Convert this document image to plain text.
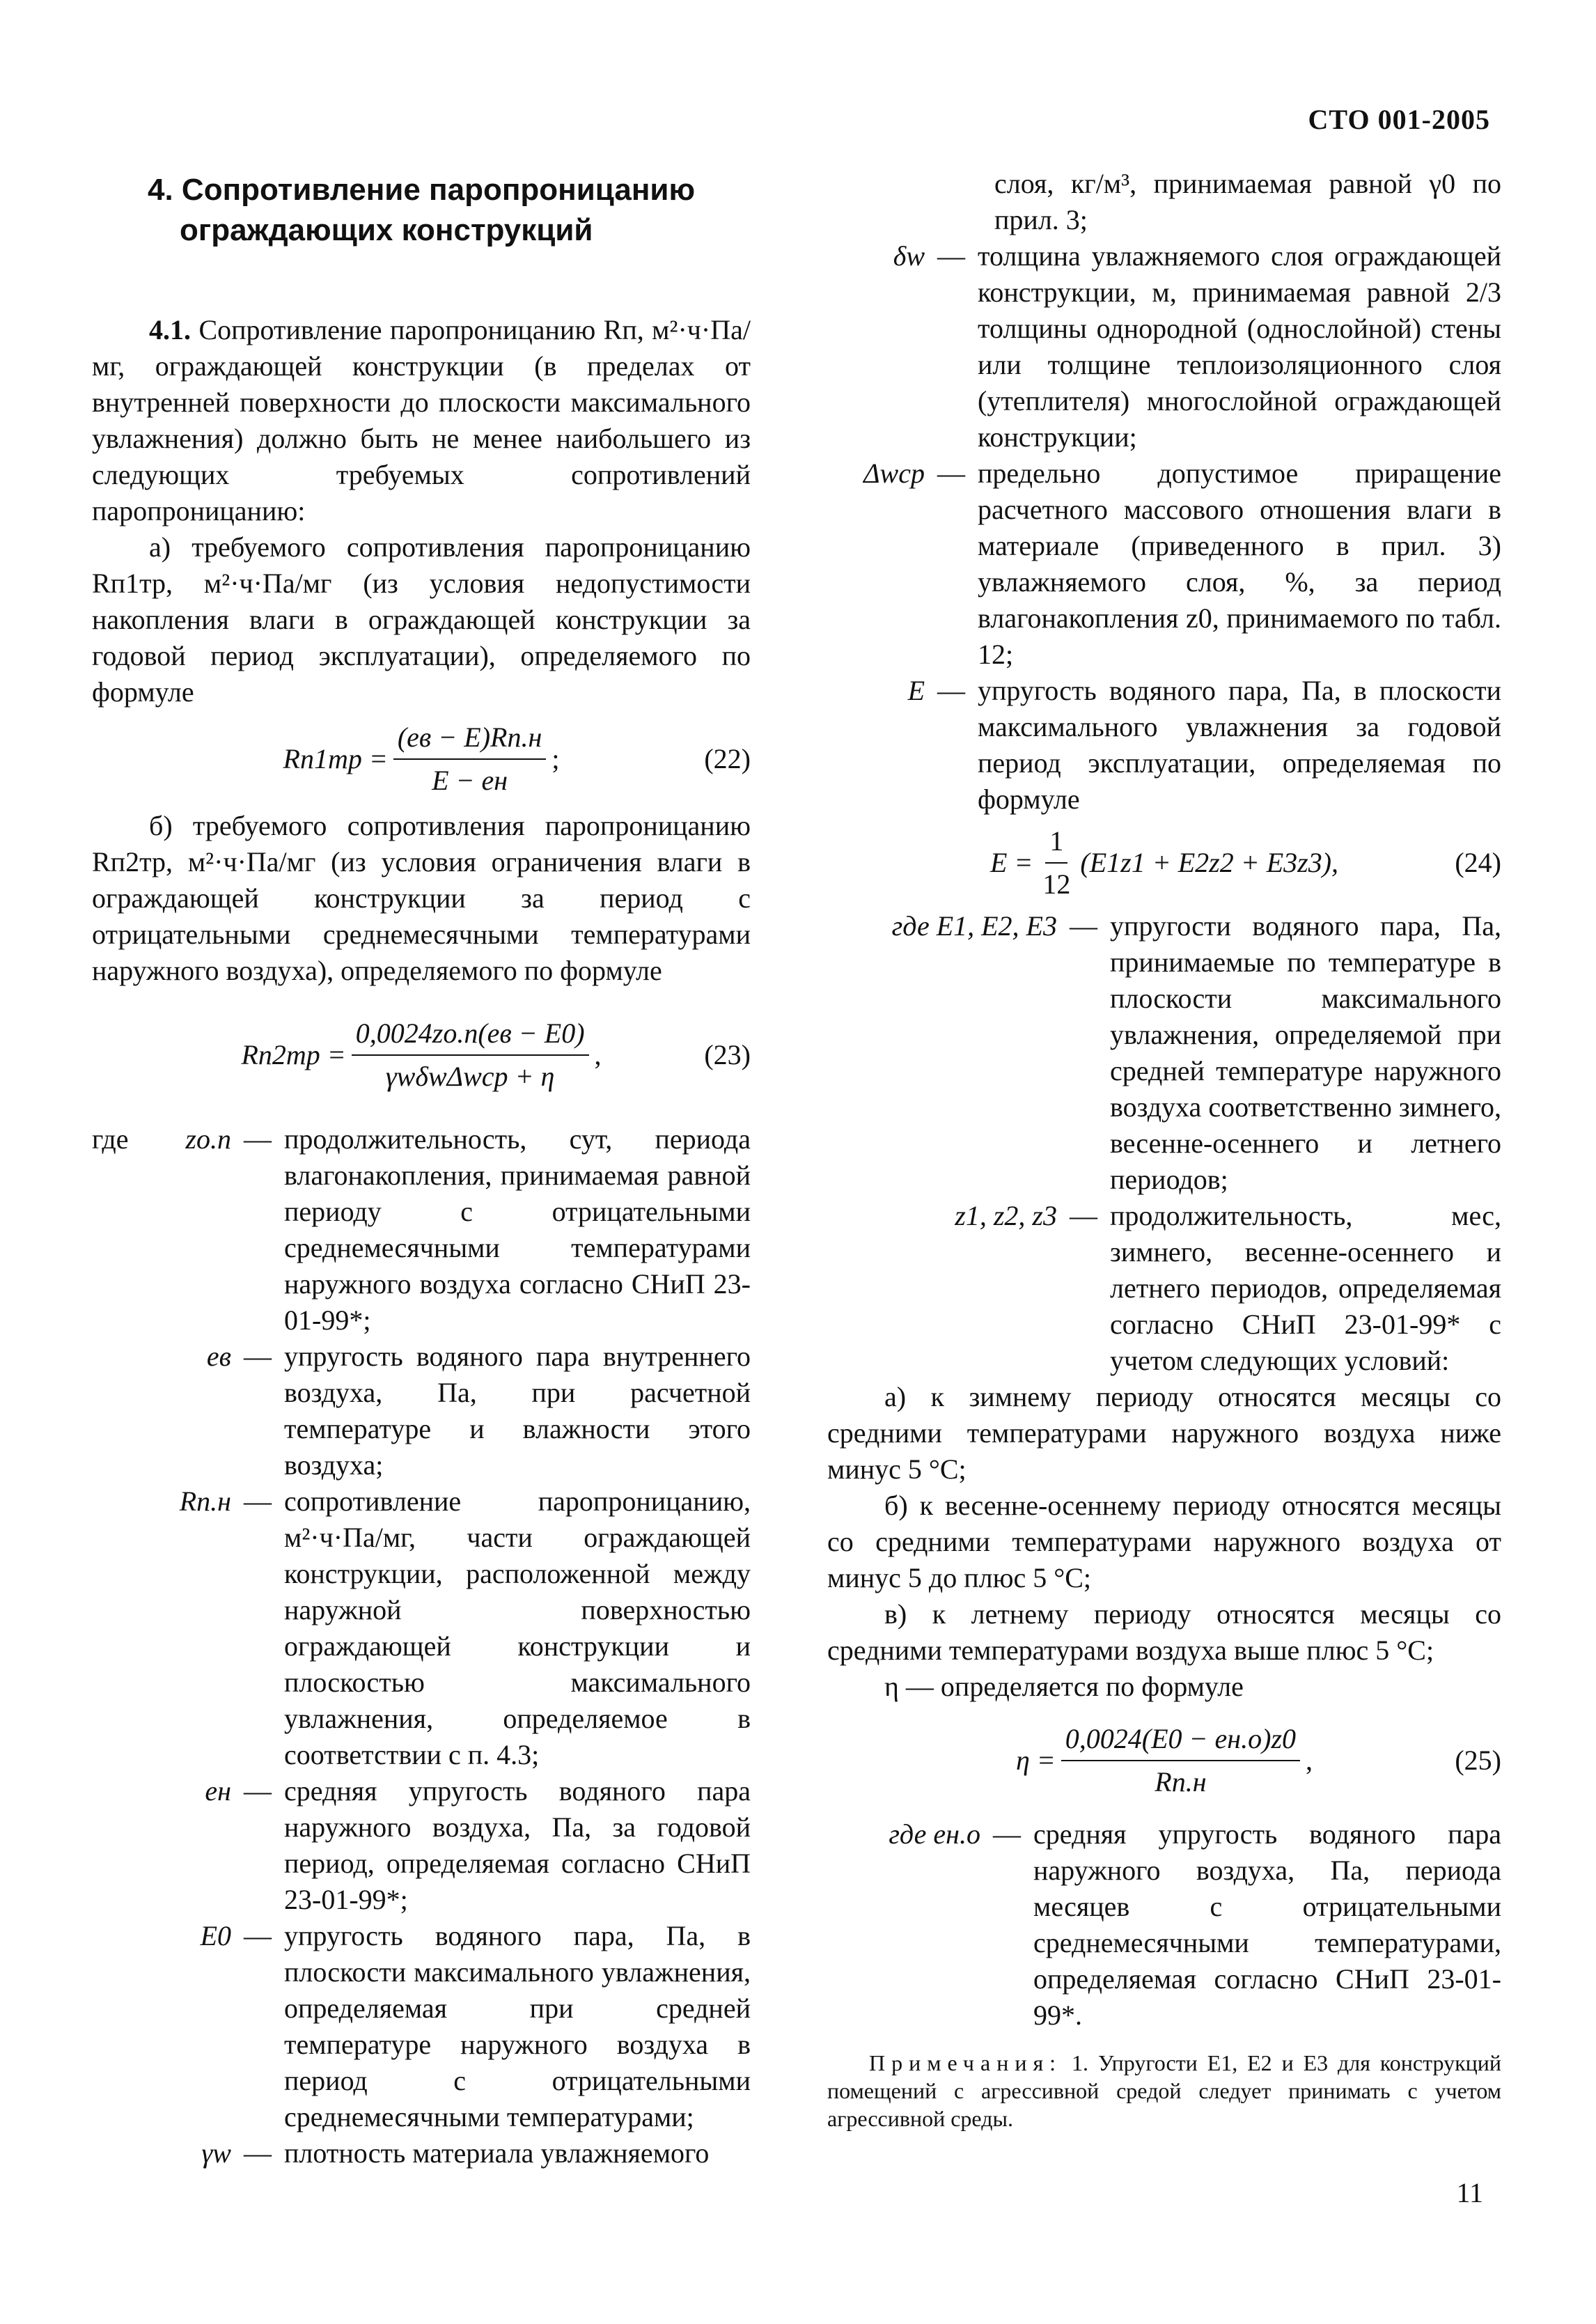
СТО 001-2005
4. Сопротивление паропроницанию
ограждающих конструкций

4.1. Сопротивление паропроницанию Rп, м²·ч·Па/мг, ограждающей конструкции (в пределах от внутренней поверхности до плоскости максимального увлажнения) должно быть не менее наибольшего из следующих требуемых сопротивлений паропроницанию:

а) требуемого сопротивления паропроницанию Rп1тр, м²·ч·Па/мг (из условия недопустимости накопления влаги в ограждающей конструкции за годовой период эксплуатации), определяемого по формуле

$Rп1тр = \frac{(eв - E)Rп.н}{E - eн}$ ;	(22)

б) требуемого сопротивления паропроницанию Rп2тр, м²·ч·Па/мг (из условия ограничения влаги в ограждающей конструкции за период с отрицательными среднемесячными температурами наружного воздуха), определяемого по формуле

$Rп2тр = \frac{0,0024zо.п(eв - E0)}{\text{γwδwΔwср + η}}$ ,	(23)
где zо.п — продолжительность, сут, периода влагонакопления, принимаемая равной периоду с отрицательными среднемесячными температурами наружного воздуха согласно СНиП 23-01-99*;
eв — упругость водяного пара внутреннего воздуха, Па, при расчетной температуре и влажности этого воздуха;
Rп.н — сопротивление паропроницанию, м²·ч·Па/мг, части ограждающей конструкции, расположенной между наружной поверхностью ограждающей конструкции и плоскостью максимального увлажнения, определяемое в соответствии с п. 4.3;
eн — средняя упругость водяного пара наружного воздуха, Па, за годовой период, определяемая согласно СНиП 23-01-99*;
E0 — упругость водяного пара, Па, в плоскости максимального увлажнения, определяемая при средней температуре наружного воздуха в период с отрицательными среднемесячными температурами;
γw — плотность материала увлажняемого

слоя, кг/м³, принимаемая равной γ0 по прил. 3;

δw — толщина увлажняемого слоя ограждающей конструкции, м, принимаемая равной 2/3 толщины однородной (однослойной) стены или толщине теплоизоляционного слоя (утеплителя) многослойной ограждающей конструкции;
Δwср — предельно допустимое приращение расчетного массового отношения влаги в материале (приведенного в прил. 3) увлажняемого слоя, %, за период влагонакопления z0, принимаемого по табл. 12;
E — упругость водяного пара, Па, в плоскости максимального увлажнения за годовой период эксплуатации, определяемая по формуле
$E = \frac{1}{12} (E1z1 + E2z2 + E3z3)$,	(24)
где E1, E2, E3 — упругости водяного пара, Па, принимаемые по температуре в плоскости максимального увлажнения, определяемой при средней температуре наружного воздуха соответственно зимнего, весенне-осеннего и летнего периодов;
z1, z2, z3 — продолжительность, мес, зимнего, весенне-осеннего и летнего периодов, определяемая согласно СНиП 23-01-99* с учетом следующих условий:

а) к зимнему периоду относятся месяцы со средними температурами наружного воздуха ниже минус 5 °С;

б) к весенне-осеннему периоду относятся месяцы со средними температурами наружного воздуха от минус 5 до плюс 5 °С;

в) к летнему периоду относятся месяцы со средними температурами воздуха выше плюс 5 °С;

η — определяется по формуле

$\eta = \frac{0,0024(E0 - eн.о)z0}{Rп.н}$ ,	(25)
где eн.о — средняя упругость водяного пара наружного воздуха, Па, периода месяцев с отрицательными среднемесячными температурами, определяемая согласно СНиП 23-01-99*.

Примечания: 1. Упругости E1, E2 и E3 для конструкций помещений с агрессивной средой следует принимать с учетом агрессивной среды.

11
